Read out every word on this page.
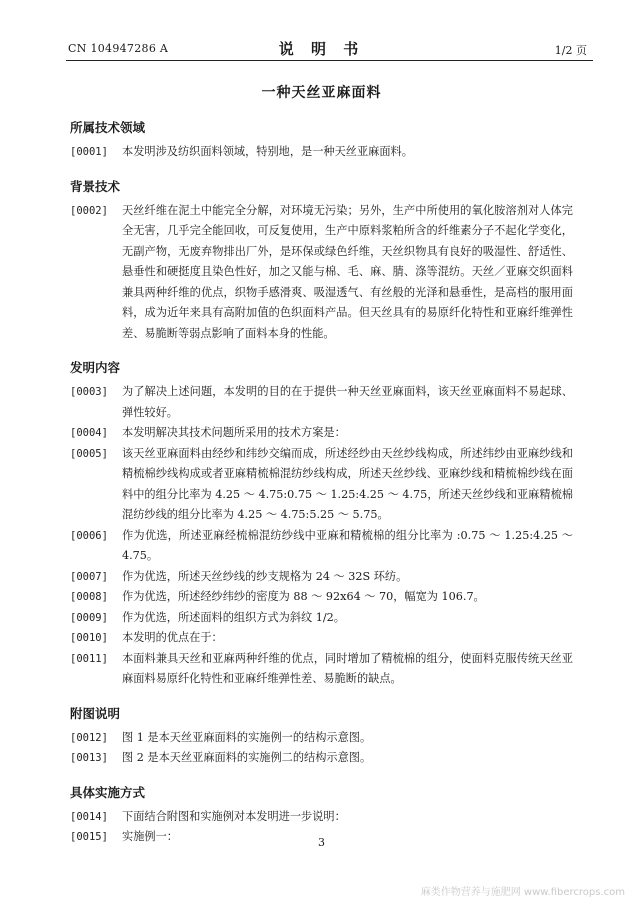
CN 104947286 A	说 明 书	1/2 页
一种天丝亚麻面料
所属技术领域
[0001]	本发明涉及纺织面料领域，特别地，是一种天丝亚麻面料。
背景技术
[0002]	天丝纤维在泥土中能完全分解，对环境无污染；另外，生产中所使用的氧化胺溶剂对人体完全无害，几乎完全能回收，可反复使用，生产中原料浆粕所含的纤维素分子不起化学变化，无副产物，无废弃物排出厂外，是环保或绿色纤维，天丝织物具有良好的吸湿性、舒适性、悬垂性和硬挺度且染色性好，加之又能与棉、毛、麻、腈、涤等混纺。天丝／亚麻交织面料兼具两种纤维的优点，织物手感滑爽、吸湿透气、有丝般的光泽和悬垂性，是高档的服用面料，成为近年来具有高附加值的色织面料产品。但天丝具有的易原纤化特性和亚麻纤维弹性差、易脆断等弱点影响了面料本身的性能。
发明内容
[0003]	为了解决上述问题，本发明的目的在于提供一种天丝亚麻面料，该天丝亚麻面料不易起球、弹性较好。
[0004]	本发明解决其技术问题所采用的技术方案是：
[0005]	该天丝亚麻面料由经纱和纬纱交编而成，所述经纱由天丝纱线构成，所述纬纱由亚麻纱线和精梳棉纱线构成或者亚麻精梳棉混纺纱线构成，所述天丝纱线、亚麻纱线和精梳棉纱线在面料中的组分比率为 4.25 ～ 4.75:0.75 ～ 1.25:4.25 ～ 4.75，所述天丝纱线和亚麻精梳棉混纺纱线的组分比率为 4.25 ～ 4.75:5.25 ～ 5.75。
[0006]	作为优选，所述亚麻经梳棉混纺纱线中亚麻和精梳棉的组分比率为 :0.75 ～ 1.25:4.25 ～ 4.75。
[0007]	作为优选，所述天丝纱线的纱支规格为 24 ～ 32S 环纺。
[0008]	作为优选，所述经纱纬纱的密度为 88 ～ 92x64 ～ 70，幅宽为 106.7。
[0009]	作为优选，所述面料的组织方式为斜纹 1/2。
[0010]	本发明的优点在于：
[0011]	本面料兼具天丝和亚麻两种纤维的优点，同时增加了精梳棉的组分，使面料克服传统天丝亚麻面料易原纤化特性和亚麻纤维弹性差、易脆断的缺点。
附图说明
[0012]	图 1 是本天丝亚麻面料的实施例一的结构示意图。
[0013]	图 2 是本天丝亚麻面料的实施例二的结构示意图。
具体实施方式
[0014]	下面结合附图和实施例对本发明进一步说明：
[0015]	实施例一：	3
麻类作物营养与施肥网 www.fibercrops.com
